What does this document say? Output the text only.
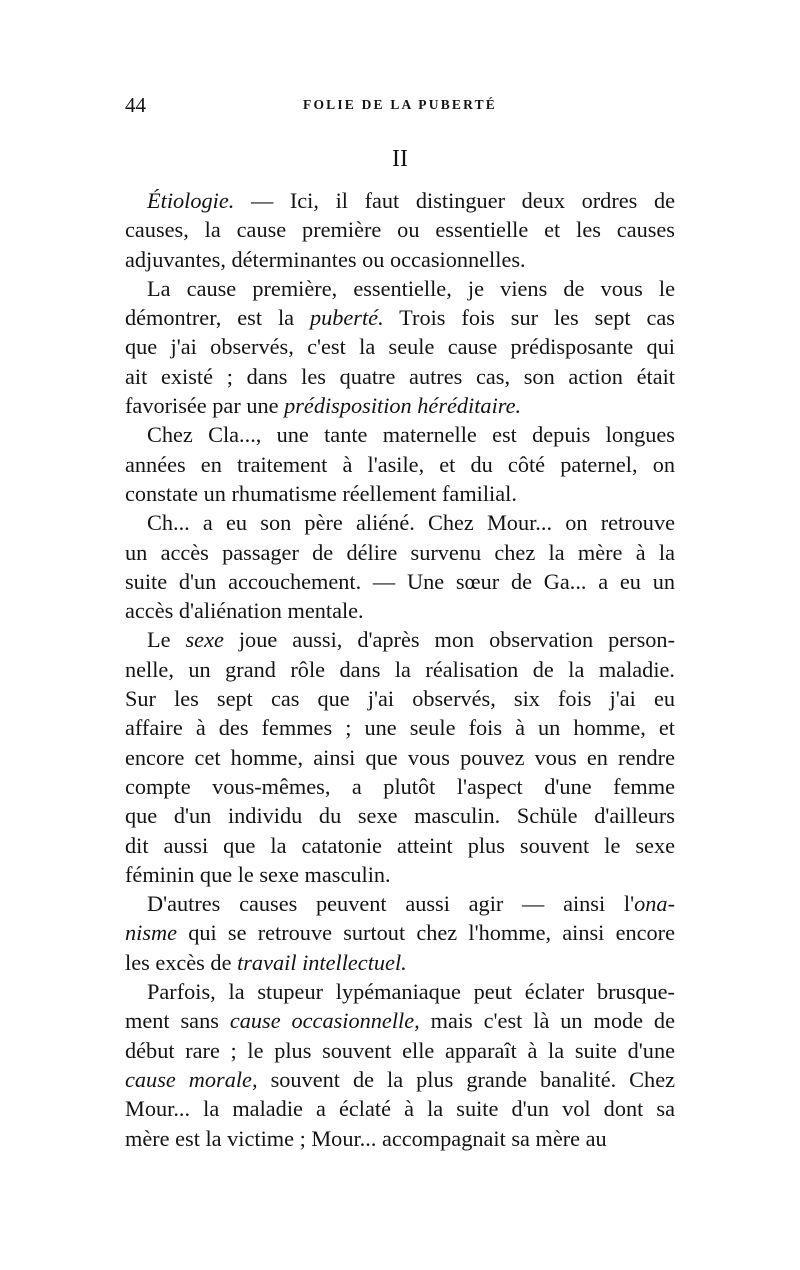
44	FOLIE DE LA PUBERTÉ
II

Étiologie. — Ici, il faut distinguer deux ordres de
causes, la cause première ou essentielle et les causes
adjuvantes, déterminantes ou occasionnelles.

La cause première, essentielle, je viens de vous le
démontrer, est la puberté. Trois fois sur les sept cas
que j'ai observés, c'est la seule cause prédisposante qui
ait existé ; dans les quatre autres cas, son action était
favorisée par une prédisposition héréditaire.

Chez Cla..., une tante maternelle est depuis longues
années en traitement à l'asile, et du côté paternel, on
constate un rhumatisme réellement familial.

Ch... a eu son père aliéné. Chez Mour... on retrouve
un accès passager de délire survenu chez la mère à la
suite d'un accouchement. — Une sœur de Ga... a eu un
accès d'aliénation mentale.

Le sexe joue aussi, d'après mon observation person-
nelle, un grand rôle dans la réalisation de la maladie.
Sur les sept cas que j'ai observés, six fois j'ai eu
affaire à des femmes ; une seule fois à un homme, et
encore cet homme, ainsi que vous pouvez vous en rendre
compte vous-mêmes, a plutôt l'aspect d'une femme
que d'un individu du sexe masculin. Schüle d'ailleurs
dit aussi que la catatonie atteint plus souvent le sexe
féminin que le sexe masculin.

D'autres causes peuvent aussi agir — ainsi l'ona-
nisme qui se retrouve surtout chez l'homme, ainsi encore
les excès de travail intellectuel.

Parfois, la stupeur lypémaniaque peut éclater brusque-
ment sans cause occasionnelle, mais c'est là un mode de
début rare ; le plus souvent elle apparaît à la suite d'une
cause morale, souvent de la plus grande banalité. Chez
Mour... la maladie a éclaté à la suite d'un vol dont sa
mère est la victime ; Mour... accompagnait sa mère au
